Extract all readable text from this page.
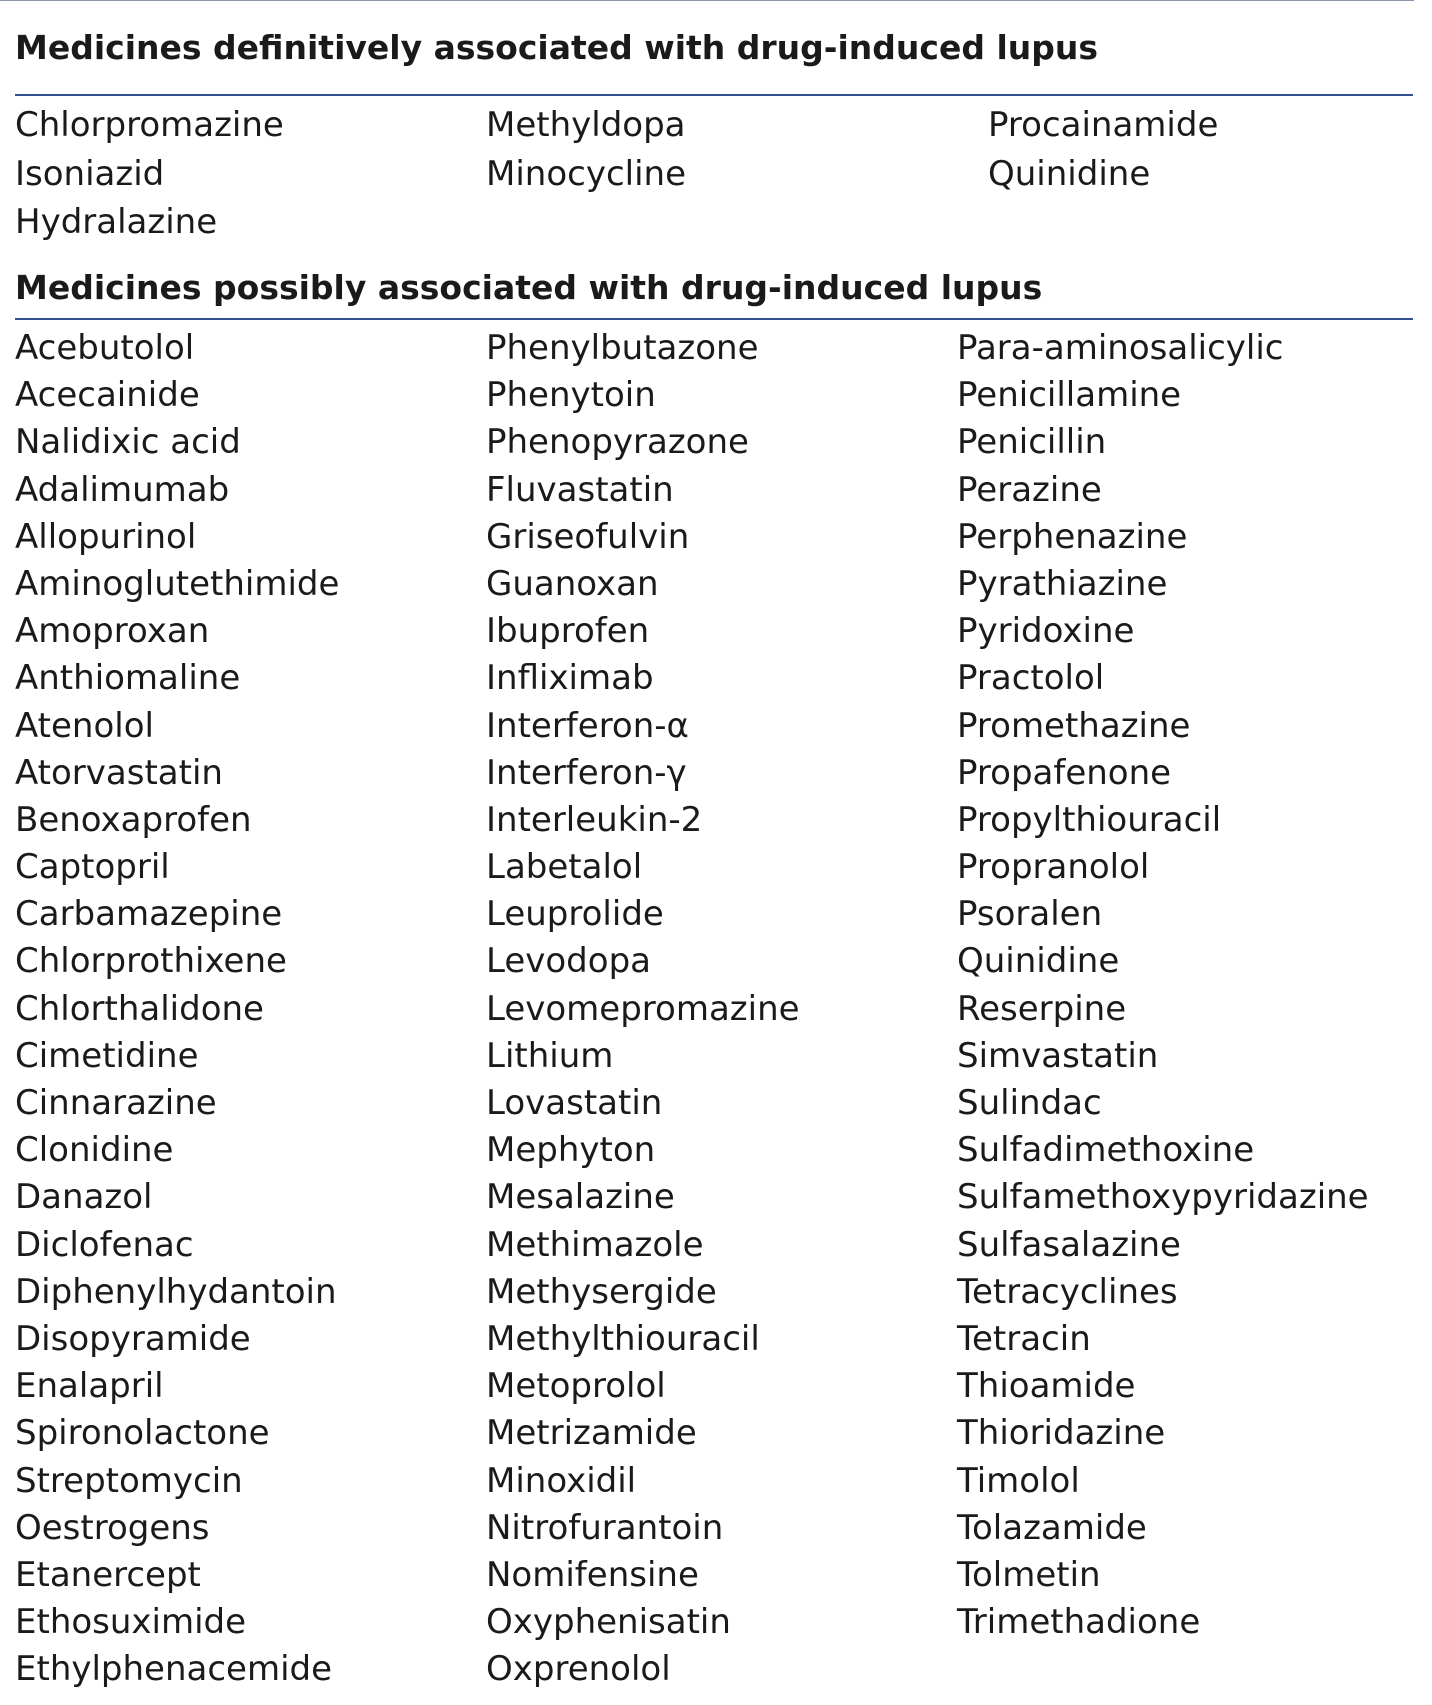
Medicines definitively associated with drug-induced lupus
Chlorpromazine
Isoniazid
Hydralazine
Methyldopa
Minocycline
Procainamide
Quinidine
Medicines possibly associated with drug-induced lupus
Acebutolol
Acecainide
Nalidixic acid
Adalimumab
Allopurinol
Aminoglutethimide
Amoproxan
Anthiomaline
Atenolol
Atorvastatin
Benoxaprofen
Captopril
Carbamazepine
Chlorprothixene
Chlorthalidone
Cimetidine
Cinnarazine
Clonidine
Danazol
Diclofenac
Diphenylhydantoin
Disopyramide
Enalapril
Spironolactone
Streptomycin
Oestrogens
Etanercept
Ethosuximide
Ethylphenacemide
Phenylbutazone
Phenytoin
Phenopyrazone
Fluvastatin
Griseofulvin
Guanoxan
Ibuprofen
Infliximab
Interferon-α
Interferon-γ
Interleukin-2
Labetalol
Leuprolide
Levodopa
Levomepromazine
Lithium
Lovastatin
Mephyton
Mesalazine
Methimazole
Methysergide
Methylthiouracil
Metoprolol
Metrizamide
Minoxidil
Nitrofurantoin
Nomifensine
Oxyphenisatin
Oxprenolol
Para-aminosalicylic
Penicillamine
Penicillin
Perazine
Perphenazine
Pyrathiazine
Pyridoxine
Practolol
Promethazine
Propafenone
Propylthiouracil
Propranolol
Psoralen
Quinidine
Reserpine
Simvastatin
Sulindac
Sulfadimethoxine
Sulfamethoxypyridazine
Sulfasalazine
Tetracyclines
Tetracin
Thioamide
Thioridazine
Timolol
Tolazamide
Tolmetin
Trimethadione
